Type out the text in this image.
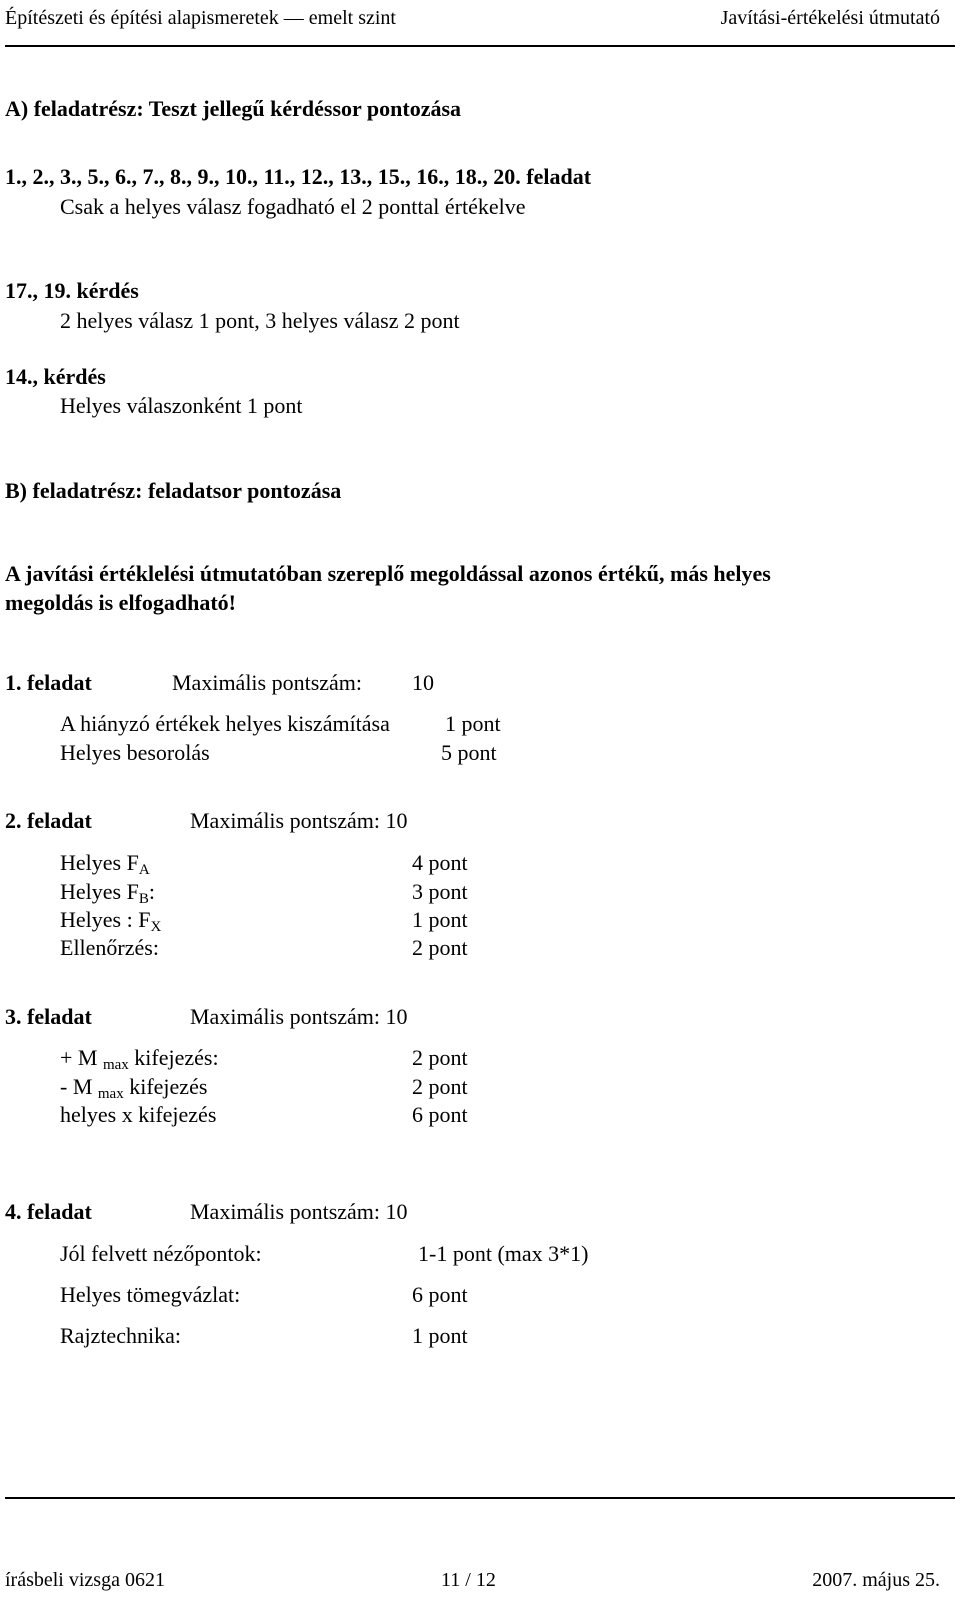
Építészeti és építési alapismeretek — emelt szint	Javítási-értékelési útmutató
A) feladatrész: Teszt jellegű kérdéssor pontozása
1., 2., 3., 5., 6., 7., 8., 9., 10., 11., 12., 13., 15., 16., 18., 20. feladat
Csak a helyes válasz fogadható el 2 ponttal értékelve
17., 19. kérdés
2 helyes válasz 1 pont, 3 helyes válasz 2 pont
14., kérdés
Helyes válaszonként 1 pont
B) feladatrész: feladatsor pontozása
A javítási értéklelési útmutatóban szereplő megoldással azonos értékű, más helyes
megoldás is elfogadható!
1. feladat	Maximális pontszám: 10
A hiányzó értékek helyes kiszámítása	1 pont
Helyes besorolás	5 pont
2. feladat	Maximális pontszám: 10
Helyes $F_A$	4 pont
Helyes $F_B$:	3 pont
Helyes : $F_X$	1 pont
Ellenőrzés:	2 pont
3. feladat	Maximális pontszám: 10
+ M max kifejezés:	2 pont
- M max kifejezés	2 pont
helyes x kifejezés	6 pont
4. feladat	Maximális pontszám: 10
Jól felvett nézőpontok:	1-1 pont (max 3*1)
Helyes tömegvázlat:	6 pont
Rajztechnika:	1 pont
írásbeli vizsga 0621	11 / 12	2007. május 25.
